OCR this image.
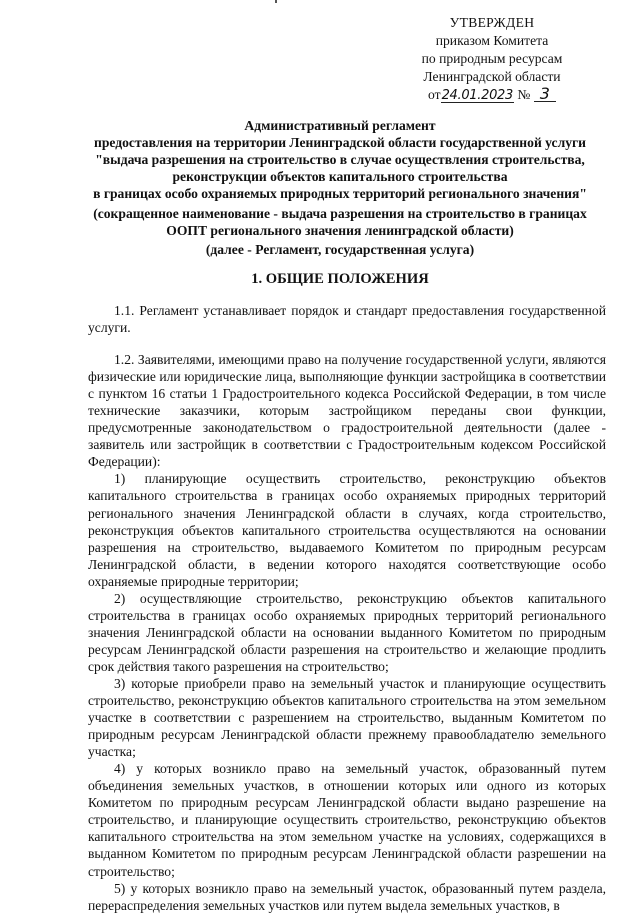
УТВЕРЖДЕН
приказом Комитета
по природным ресурсам
Ленинградской области
от24.01.2023 № 3
Административный регламент
предоставления на территории Ленинградской области государственной услуги
"выдача разрешения на строительство в случае осуществления строительства,
реконструкции объектов капитального строительства
в границах особо охраняемых природных территорий регионального значения"
(сокращенное наименование - выдача разрешения на строительство в границах
ООПТ регионального значения ленинградской области)
(далее - Регламент, государственная услуга)
1. ОБЩИЕ ПОЛОЖЕНИЯ

1.1. Регламент устанавливает порядок и стандарт предоставления государственной услуги.

1.2. Заявителями, имеющими право на получение государственной услуги, являются физические или юридические лица, выполняющие функции застройщика в соответствии с пунктом 16 статьи 1 Градостроительного кодекса Российской Федерации, в том числе технические заказчики, которым застройщиком переданы свои функции, предусмотренные законодательством о градостроительной деятельности (далее - заявитель или застройщик в соответствии с Градостроительным кодексом Российской Федерации):

1) планирующие осуществить строительство, реконструкцию объектов капитального строительства в границах особо охраняемых природных территорий регионального значения Ленинградской области в случаях, когда строительство, реконструкция объектов капитального строительства осуществляются на основании разрешения на строительство, выдаваемого Комитетом по природным ресурсам Ленинградской области, в ведении которого находятся соответствующие особо охраняемые природные территории;

2) осуществляющие строительство, реконструкцию объектов капитального строительства в границах особо охраняемых природных территорий регионального значения Ленинградской области на основании выданного Комитетом по природным ресурсам Ленинградской области разрешения на строительство и желающие продлить срок действия такого разрешения на строительство;

3) которые приобрели право на земельный участок и планирующие осуществить строительство, реконструкцию объектов капитального строительства на этом земельном участке в соответствии с разрешением на строительство, выданным Комитетом по природным ресурсам Ленинградской области прежнему правообладателю земельного участка;

4) у которых возникло право на земельный участок, образованный путем объединения земельных участков, в отношении которых или одного из которых Комитетом по природным ресурсам Ленинградской области выдано разрешение на строительство, и планирующие осуществить строительство, реконструкцию объектов капитального строительства на этом земельном участке на условиях, содержащихся в выданном Комитетом по природным ресурсам Ленинградской области разрешении на строительство;

5) у которых возникло право на земельный участок, образованный путем раздела, перераспределения земельных участков или путем выдела земельных участков, в
